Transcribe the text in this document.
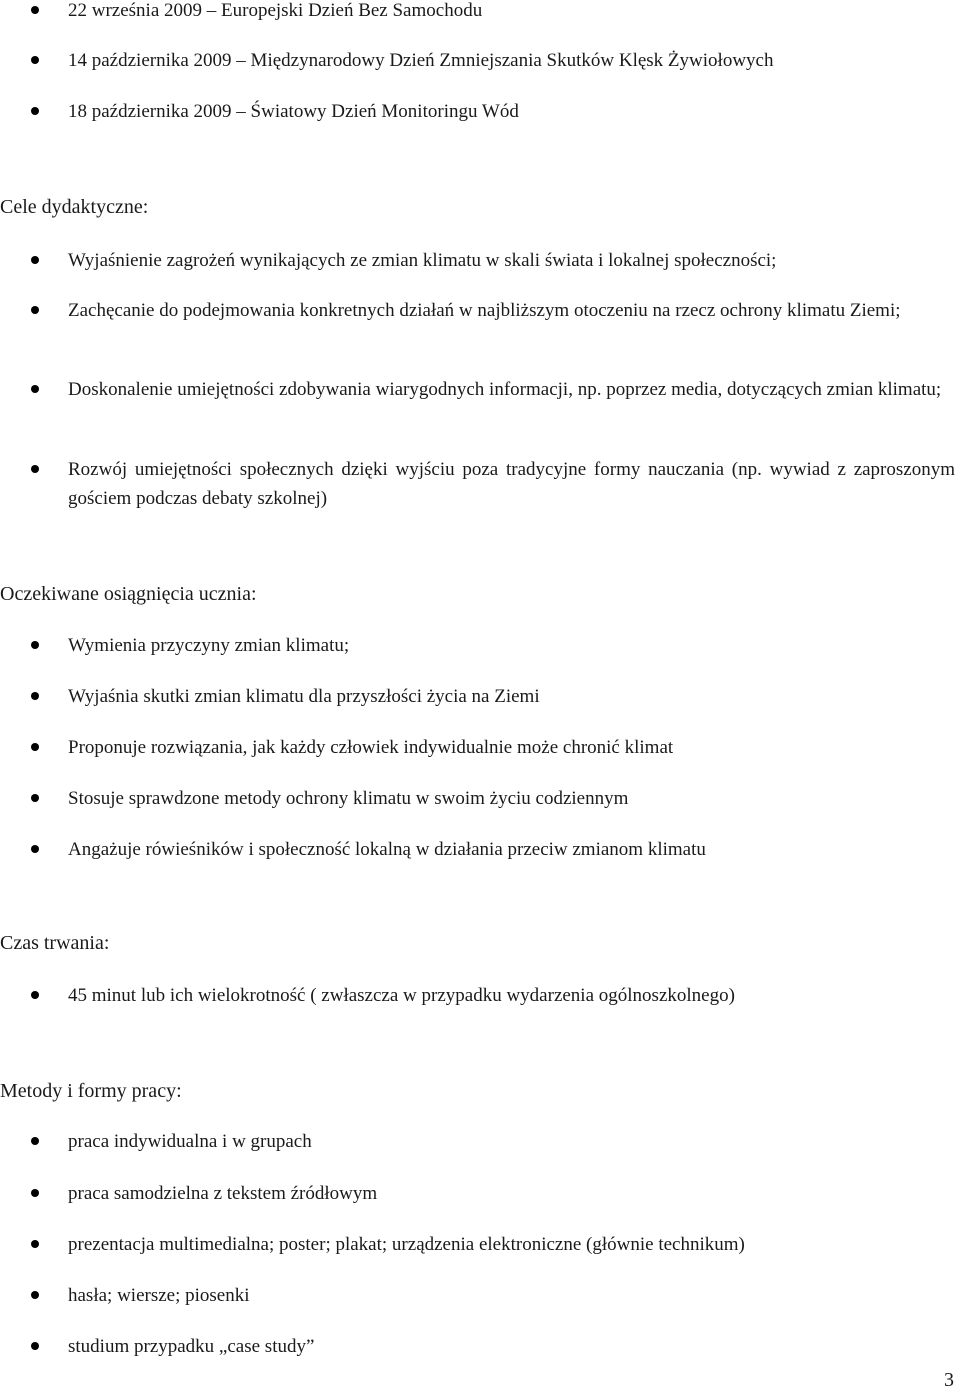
22 września 2009 – Europejski Dzień Bez Samochodu
14 października 2009 – Międzynarodowy Dzień Zmniejszania Skutków Klęsk Żywiołowych
18 października 2009 – Światowy Dzień Monitoringu Wód
Cele dydaktyczne:
Wyjaśnienie zagrożeń wynikających ze zmian klimatu w skali świata i lokalnej społeczności;
Zachęcanie do podejmowania konkretnych działań w najbliższym otoczeniu na rzecz ochrony klimatu Ziemi;
Doskonalenie umiejętności zdobywania wiarygodnych informacji, np. poprzez media, dotyczących zmian klimatu;
Rozwój umiejętności społecznych dzięki wyjściu poza tradycyjne formy nauczania (np. wywiad z zaproszonym gościem podczas debaty szkolnej)
Oczekiwane osiągnięcia ucznia:
Wymienia przyczyny zmian klimatu;
Wyjaśnia skutki zmian klimatu dla przyszłości życia na Ziemi
Proponuje rozwiązania, jak każdy człowiek indywidualnie może chronić klimat
Stosuje sprawdzone metody ochrony klimatu w swoim życiu codziennym
Angażuje rówieśników i społeczność lokalną w działania przeciw zmianom klimatu
Czas trwania:
45 minut lub ich wielokrotność ( zwłaszcza w przypadku wydarzenia ogólnoszkolnego)
Metody i formy pracy:
praca indywidualna i w grupach
praca samodzielna z tekstem źródłowym
prezentacja multimedialna; poster; plakat; urządzenia elektroniczne (głównie technikum)
hasła; wiersze; piosenki
studium przypadku „case study”
3
